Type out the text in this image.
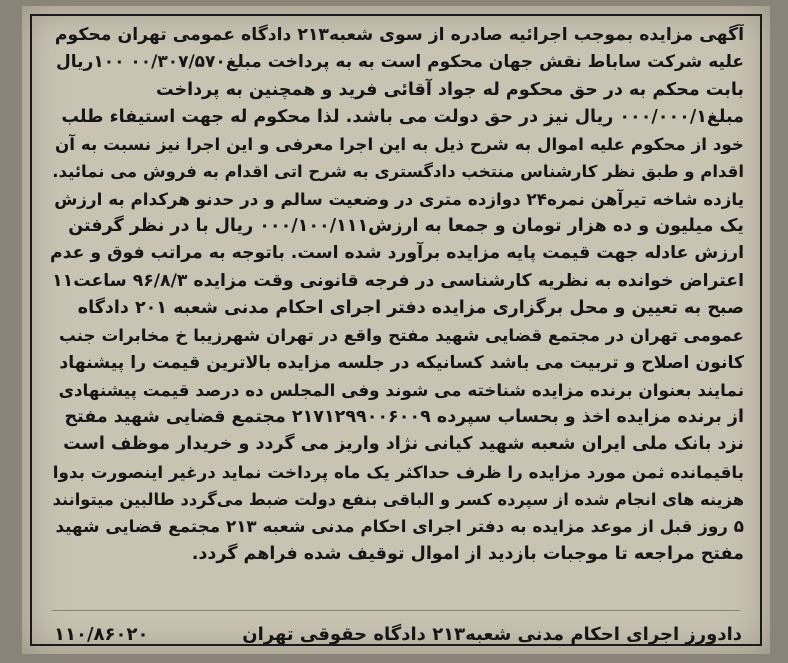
آگهی مزایده بموجب اجرائیه صادره از سوی شعبه۲۱۳ دادگاه عمومی تهران محکوم
علیه شرکت ساباط نقش جهان محکوم است به به پرداخت مبلغ۰۰/۳۰۷/۵۷۰ ۱۰۰ریال
بابت محکم به در حق محکوم له جواد آقائی فرید و همچنین به پرداخت
مبلغ۰۰۰/۰۰۰/۱ ریال نیز در حق دولت می باشد. لذا محکوم له جهت استیفاء طلب
خود از محکوم علیه اموال به شرح ذیل به این اجرا معرفی و این اجرا نیز نسبت به آن
اقدام و طبق نظر کارشناس منتخب دادگستری به شرح اتی اقدام به فروش می نمائید.
یازده شاخه تیرآهن نمره۲۴ دوازده متری در وضعیت سالم و در حدنو هرکدام به ارزش
یک میلیون و ده هزار تومان و جمعا به ارزش۰۰۰/۱۰۰/۱۱۱ ریال با در نظر گرفتن
ارزش عادله جهت قیمت پایه مزایده برآورد شده است. باتوجه به مراتب فوق و عدم
اعتراض خوانده به نظریه کارشناسی در فرجه قانونی وقت مزایده ۹۶/۸/۳ ساعت۱۱
صبح به تعیین و محل برگزاری مزایده دفتر اجرای احکام مدنی شعبه ۲۰۱ دادگاه
عمومی تهران در مجتمع قضایی شهید مفتح واقع در تهران شهرزیبا خ مخابرات جنب
کانون اصلاح و تربیت می باشد کسانیکه در جلسه مزایده بالاترین قیمت را پیشنهاد
نمایند بعنوان برنده مزایده شناخته می شوند وفی المجلس ده درصد قیمت پیشنهادی
از برنده مزایده اخذ و بحساب سپرده ۲۱۷۱۲۹۹۰۰۶۰۰۹ مجتمع قضایی شهید مفتح
نزد بانک ملی ایران شعبه شهید کیانی نژاد واریز می گردد و خریدار موظف است
باقیمانده ثمن مورد مزایده را ظرف حداکثر یک ماه پرداخت نماید درغیر اینصورت بدوا
هزینه های انجام شده از سپرده کسر و الباقی بنفع دولت ضبط می‌گردد طالبین میتوانند
۵ روز قبل از موعد مزایده به دفتر اجرای احکام مدنی شعبه ۲۱۳ مجتمع قضایی شهید
مفتح مراجعه تا موجبات بازدید از اموال توقیف شده فراهم گردد.
دادورز اجرای احکام مدنی شعبه۲۱۳ دادگاه حقوقی تهران
۱۱۰/۸۶۰۲۰
